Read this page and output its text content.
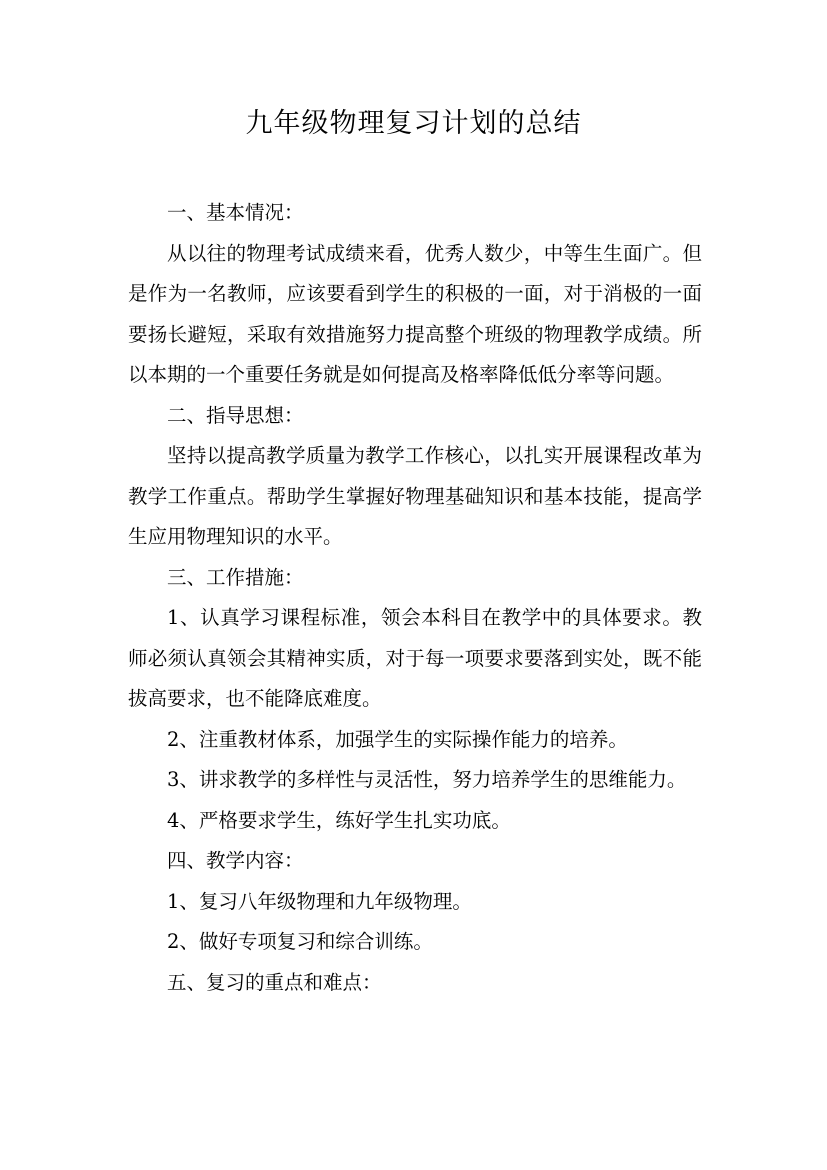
九年级物理复习计划的总结

一、基本情况：

从以往的物理考试成绩来看，优秀人数少，中等生生面广。但是作为一名教师，应该要看到学生的积极的一面，对于消极的一面要扬长避短，采取有效措施努力提高整个班级的物理教学成绩。所以本期的一个重要任务就是如何提高及格率降低低分率等问题。

二、指导思想：

坚持以提高教学质量为教学工作核心，以扎实开展课程改革为教学工作重点。帮助学生掌握好物理基础知识和基本技能，提高学生应用物理知识的水平。

三、工作措施：

1、认真学习课程标准，领会本科目在教学中的具体要求。教师必须认真领会其精神实质，对于每一项要求要落到实处，既不能拔高要求，也不能降底难度。

2、注重教材体系，加强学生的实际操作能力的培养。

3、讲求教学的多样性与灵活性，努力培养学生的思维能力。

4、严格要求学生，练好学生扎实功底。

四、教学内容：

1、复习八年级物理和九年级物理。

2、做好专项复习和综合训练。

五、复习的重点和难点：
